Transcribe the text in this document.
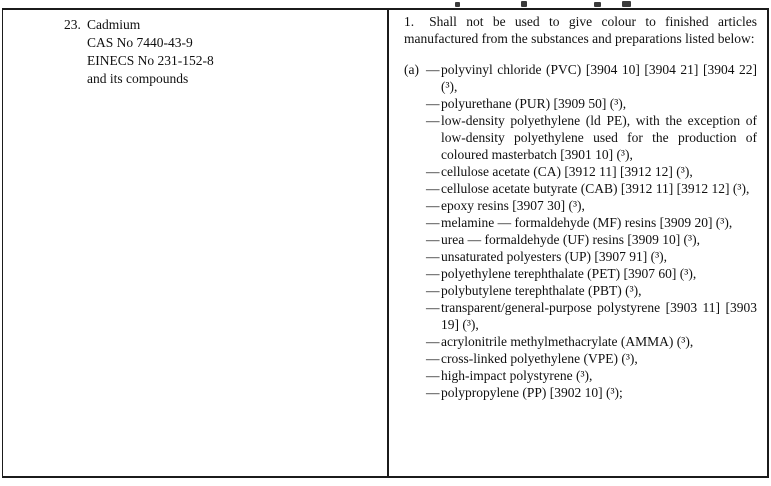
23. Cadmium
CAS No 7440-43-9
EINECS No 231-152-8
and its compounds
1. Shall not be used to give colour to finished articles manufactured from the substances and preparations listed below:
(a) — polyvinyl chloride (PVC) [3904 10] [3904 21] [3904 22] (³),
— polyurethane (PUR) [3909 50] (³),
— low-density polyethylene (ld PE), with the exception of low-density polyethylene used for the production of coloured masterbatch [3901 10] (³),
— cellulose acetate (CA) [3912 11] [3912 12] (³),
— cellulose acetate butyrate (CAB) [3912 11] [3912 12] (³),
— epoxy resins [3907 30] (³),
— melamine — formaldehyde (MF) resins [3909 20] (³),
— urea — formaldehyde (UF) resins [3909 10] (³),
— unsaturated polyesters (UP) [3907 91] (³),
— polyethylene terephthalate (PET) [3907 60] (³),
— polybutylene terephthalate (PBT) (³),
— transparent/general-purpose polystyrene [3903 11] [3903 19] (³),
— acrylonitrile methylmethacrylate (AMMA) (³),
— cross-linked polyethylene (VPE) (³),
— high-impact polystyrene (³),
— polypropylene (PP) [3902 10] (³);
